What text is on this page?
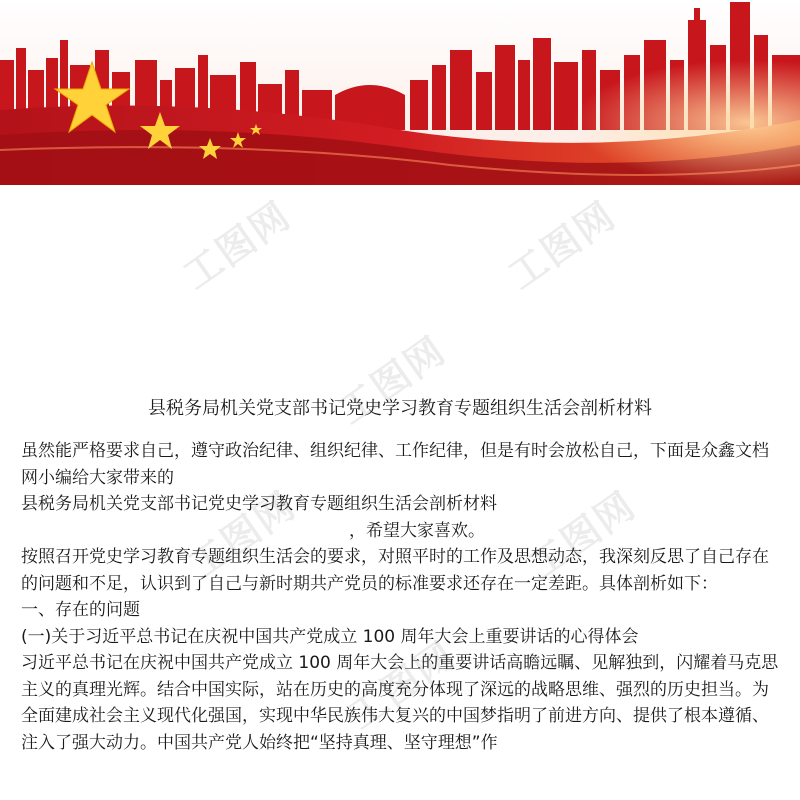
工图网	工图网
工图网
工图网
工图网
工图网
县税务局机关党支部书记党史学习教育专题组织生活会剖析材料

虽然能严格要求自己，遵守政治纪律、组织纪律、工作纪律，但是有时会放松自己，下面是众鑫文档网小编给大家带来的

县税务局机关党支部书记党史学习教育专题组织生活会剖析材料

，希望大家喜欢。

按照召开党史学习教育专题组织生活会的要求，对照平时的工作及思想动态，我深刻反思了自己存在的问题和不足，认识到了自己与新时期共产党员的标准要求还存在一定差距。具体剖析如下：

一、存在的问题

(一)关于习近平总书记在庆祝中国共产党成立 100 周年大会上重要讲话的心得体会

习近平总书记在庆祝中国共产党成立 100 周年大会上的重要讲话高瞻远瞩、见解独到，闪耀着马克思主义的真理光辉。结合中国实际，站在历史的高度充分体现了深远的战略思维、强烈的历史担当。为全面建成社会主义现代化强国，实现中华民族伟大复兴的中国梦指明了前进方向、提供了根本遵循、注入了强大动力。中国共产党人始终把“坚持真理、坚守理想”作
